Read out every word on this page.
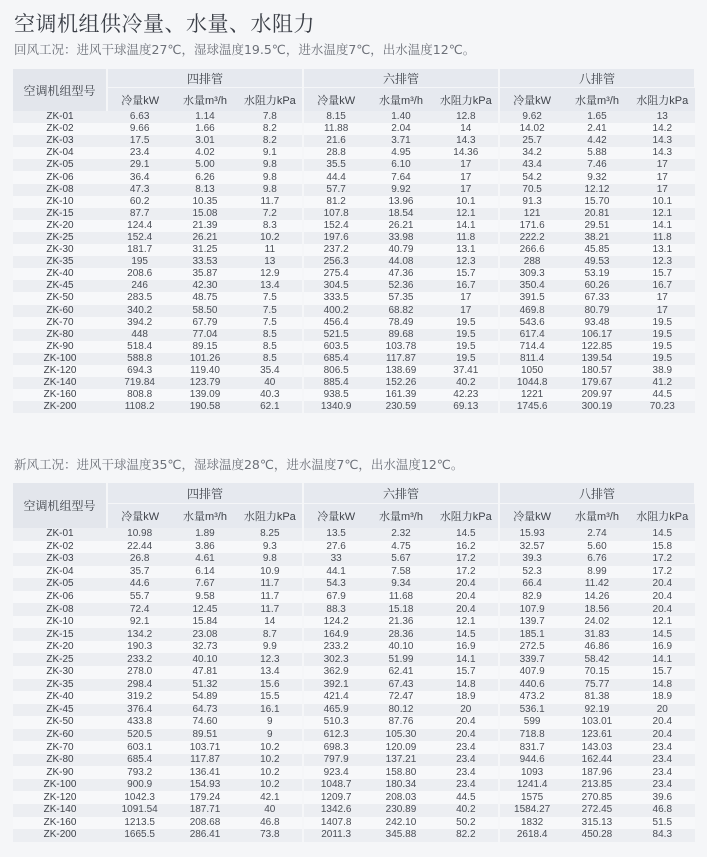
空调机组供冷量、水量、水阻力
回风工况：进风干球温度27℃，湿球温度19.5℃，进水温度7℃，出水温度12℃。
空调机组型号	四排管			六排管			八排管		
	冷量kW	水量m³/h	水阻力kPa	冷量kW	水量m³/h	水阻力kPa	冷量kW	水量m³/h	水阻力kPa
ZK-01	6.63	1.14	7.8	8.15	1.40	12.8	9.62	1.65	13
ZK-02	9.66	1.66	8.2	11.88	2.04	14	14.02	2.41	14.2
ZK-03	17.5	3.01	8.2	21.6	3.71	14.3	25.7	4.42	14.3
ZK-04	23.4	4.02	9.1	28.8	4.95	14.36	34.2	5.88	14.3
ZK-05	29.1	5.00	9.8	35.5	6.10	17	43.4	7.46	17
ZK-06	36.4	6.26	9.8	44.4	7.64	17	54.2	9.32	17
ZK-08	47.3	8.13	9.8	57.7	9.92	17	70.5	12.12	17
ZK-10	60.2	10.35	11.7	81.2	13.96	10.1	91.3	15.70	10.1
ZK-15	87.7	15.08	7.2	107.8	18.54	12.1	121	20.81	12.1
ZK-20	124.4	21.39	8.3	152.4	26.21	14.1	171.6	29.51	14.1
ZK-25	152.4	26.21	10.2	197.6	33.98	11.8	222.2	38.21	11.8
ZK-30	181.7	31.25	11	237.2	40.79	13.1	266.6	45.85	13.1
ZK-35	195	33.53	13	256.3	44.08	12.3	288	49.53	12.3
ZK-40	208.6	35.87	12.9	275.4	47.36	15.7	309.3	53.19	15.7
ZK-45	246	42.30	13.4	304.5	52.36	16.7	350.4	60.26	16.7
ZK-50	283.5	48.75	7.5	333.5	57.35	17	391.5	67.33	17
ZK-60	340.2	58.50	7.5	400.2	68.82	17	469.8	80.79	17
ZK-70	394.2	67.79	7.5	456.4	78.49	19.5	543.6	93.48	19.5
ZK-80	448	77.04	8.5	521.5	89.68	19.5	617.4	106.17	19.5
ZK-90	518.4	89.15	8.5	603.5	103.78	19.5	714.4	122.85	19.5
ZK-100	588.8	101.26	8.5	685.4	117.87	19.5	811.4	139.54	19.5
ZK-120	694.3	119.40	35.4	806.5	138.69	37.41	1050	180.57	38.9
ZK-140	719.84	123.79	40	885.4	152.26	40.2	1044.8	179.67	41.2
ZK-160	808.8	139.09	40.3	938.5	161.39	42.23	1221	209.97	44.5
ZK-200	1108.2	190.58	62.1	1340.9	230.59	69.13	1745.6	300.19	70.23
新风工况：进风干球温度35℃，湿球温度28℃，进水温度7℃，出水温度12℃。
空调机组型号	四排管			六排管			八排管		
	冷量kW	水量m³/h	水阻力kPa	冷量kW	水量m³/h	水阻力kPa	冷量kW	水量m³/h	水阻力kPa
ZK-01	10.98	1.89	8.25	13.5	2.32	14.5	15.93	2.74	14.5
ZK-02	22.44	3.86	9.3	27.6	4.75	16.2	32.57	5.60	15.8
ZK-03	26.8	4.61	9.8	33	5.67	17.2	39.3	6.76	17.2
ZK-04	35.7	6.14	10.9	44.1	7.58	17.2	52.3	8.99	17.2
ZK-05	44.6	7.67	11.7	54.3	9.34	20.4	66.4	11.42	20.4
ZK-06	55.7	9.58	11.7	67.9	11.68	20.4	82.9	14.26	20.4
ZK-08	72.4	12.45	11.7	88.3	15.18	20.4	107.9	18.56	20.4
ZK-10	92.1	15.84	14	124.2	21.36	12.1	139.7	24.02	12.1
ZK-15	134.2	23.08	8.7	164.9	28.36	14.5	185.1	31.83	14.5
ZK-20	190.3	32.73	9.9	233.2	40.10	16.9	272.5	46.86	16.9
ZK-25	233.2	40.10	12.3	302.3	51.99	14.1	339.7	58.42	14.1
ZK-30	278.0	47.81	13.4	362.9	62.41	15.7	407.9	70.15	15.7
ZK-35	298.4	51.32	15.6	392.1	67.43	14.8	440.6	75.77	14.8
ZK-40	319.2	54.89	15.5	421.4	72.47	18.9	473.2	81.38	18.9
ZK-45	376.4	64.73	16.1	465.9	80.12	20	536.1	92.19	20
ZK-50	433.8	74.60	9	510.3	87.76	20.4	599	103.01	20.4
ZK-60	520.5	89.51	9	612.3	105.30	20.4	718.8	123.61	20.4
ZK-70	603.1	103.71	10.2	698.3	120.09	23.4	831.7	143.03	23.4
ZK-80	685.4	117.87	10.2	797.9	137.21	23.4	944.6	162.44	23.4
ZK-90	793.2	136.41	10.2	923.4	158.80	23.4	1093	187.96	23.4
ZK-100	900.9	154.93	10.2	1048.7	180.34	23.4	1241.4	213.85	23.4
ZK-120	1042.3	179.24	42.1	1209.7	208.03	44.5	1575	270.85	39.6
ZK-140	1091.54	187.71	40	1342.6	230.89	40.2	1584.27	272.45	46.8
ZK-160	1213.5	208.68	46.8	1407.8	242.10	50.2	1832	315.13	51.5
ZK-200	1665.5	286.41	73.8	2011.3	345.88	82.2	2618.4	450.28	84.3
